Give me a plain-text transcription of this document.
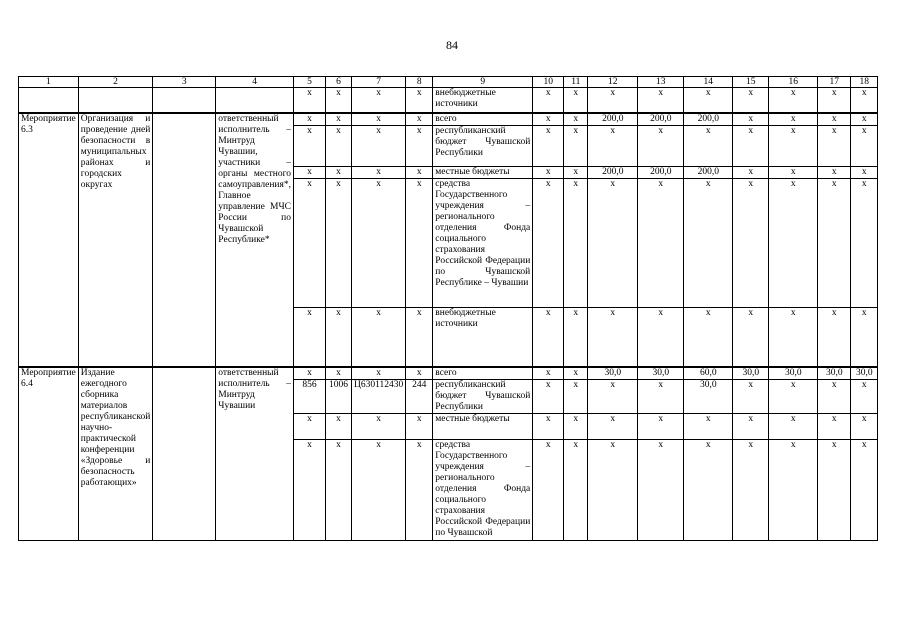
84
1	2	3	4	5	6	7	8	9	10	11	12	13	14	15	16	17	18
				x	x	x	x	внебюджетные источники	x	x	x	x	x	x	x	x	x
Мероприятие 6.3	Организация и проведение дней безопасности в муниципальных районах и городских округах		ответственный исполнитель – Минтруд Чувашии, участники – органы местного самоуправления*, Главное управление МЧС России по Чувашской Республике*	x	x	x	x	всего	x	x	200,0	200,0	200,0	x	x	x	x
				x	x	x	x	республиканский бюджет Чувашской Республики	x	x	x	x	x	x	x	x	x
				x	x	x	x	местные бюджеты	x	x	200,0	200,0	200,0	x	x	x	x
				x	x	x	x	средства Государственного учреждения – регионального отделения Фонда социального страхования Российской Федерации по Чувашской Республике – Чувашии	x	x	x	x	x	x	x	x	x
				x	x	x	x	внебюджетные источники	x	x	x	x	x	x	x	x	x
Мероприятие 6.4	Издание ежегодного сборника материалов республиканской научно-практической конференции «Здоровье и безопасность работающих»		ответственный исполнитель – Минтруд Чувашии	x	x	x	x	всего	x	x	30,0	30,0	60,0	30,0	30,0	30,0	30,0
				856	1006	Ц630112430	244	республиканский бюджет Чувашской Республики	x	x	x	x	30,0	x	x	x	x
				x	x	x	x	местные бюджеты	x	x	x	x	x	x	x	x	x
				x	x	x	x	средства Государственного учреждения – регионального отделения Фонда социального страхования Российской Федерации по Чувашской	x	x	x	x	x	x	x	x	x
